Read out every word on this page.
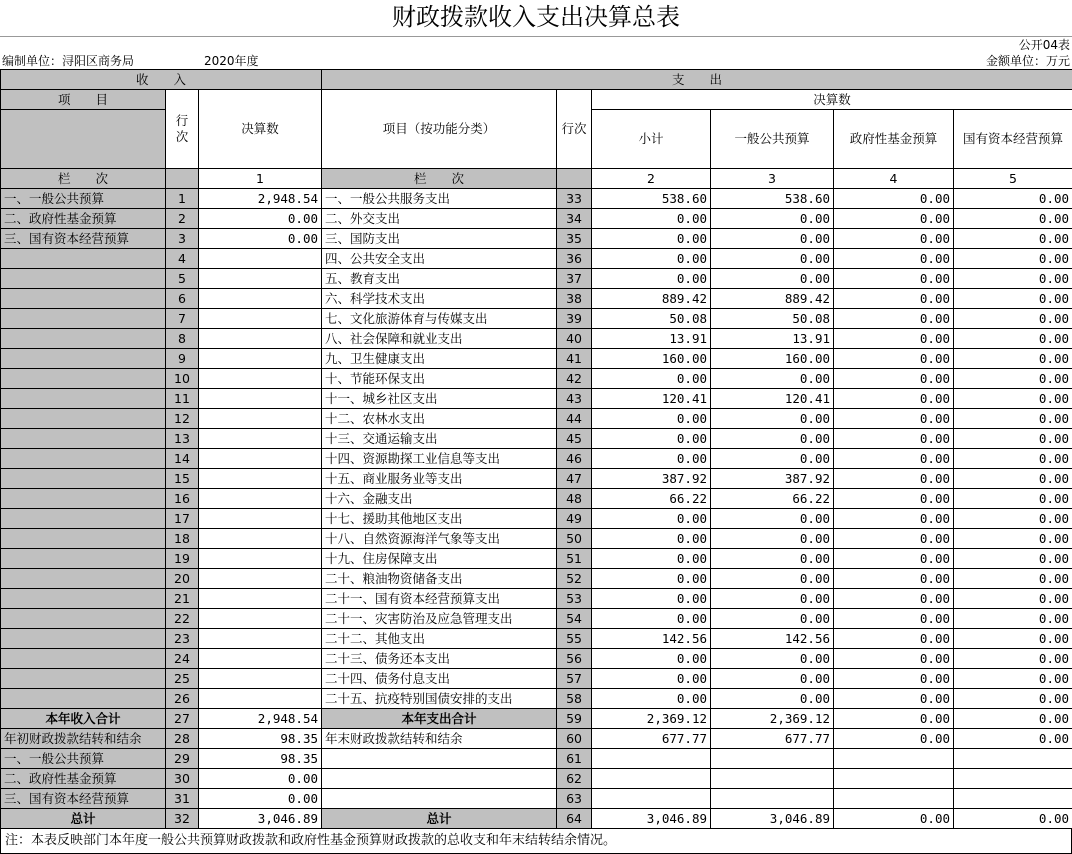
财政拨款收入支出决算总表
公开04表
编制单位：浔阳区商务局	2020年度	金额单位：万元
收　　入			支　　出					
项　　目	行次	决算数	项目（按功能分类）	行次	决算数			
					小计	一般公共预算	政府性基金预算	国有资本经营预算
栏　　次		1	栏　　次		2	3	4	5
一、一般公共预算	1	2,948.54	一、一般公共服务支出	33	538.60	538.60	0.00	0.00
二、政府性基金预算	2	0.00	二、外交支出	34	0.00	0.00	0.00	0.00
三、国有资本经营预算	3	0.00	三、国防支出	35	0.00	0.00	0.00	0.00
	4		四、公共安全支出	36	0.00	0.00	0.00	0.00
	5		五、教育支出	37	0.00	0.00	0.00	0.00
	6		六、科学技术支出	38	889.42	889.42	0.00	0.00
	7		七、文化旅游体育与传媒支出	39	50.08	50.08	0.00	0.00
	8		八、社会保障和就业支出	40	13.91	13.91	0.00	0.00
	9		九、卫生健康支出	41	160.00	160.00	0.00	0.00
	10		十、节能环保支出	42	0.00	0.00	0.00	0.00
	11		十一、城乡社区支出	43	120.41	120.41	0.00	0.00
	12		十二、农林水支出	44	0.00	0.00	0.00	0.00
	13		十三、交通运输支出	45	0.00	0.00	0.00	0.00
	14		十四、资源勘探工业信息等支出	46	0.00	0.00	0.00	0.00
	15		十五、商业服务业等支出	47	387.92	387.92	0.00	0.00
	16		十六、金融支出	48	66.22	66.22	0.00	0.00
	17		十七、援助其他地区支出	49	0.00	0.00	0.00	0.00
	18		十八、自然资源海洋气象等支出	50	0.00	0.00	0.00	0.00
	19		十九、住房保障支出	51	0.00	0.00	0.00	0.00
	20		二十、粮油物资储备支出	52	0.00	0.00	0.00	0.00
	21		二十一、国有资本经营预算支出	53	0.00	0.00	0.00	0.00
	22		二十一、灾害防治及应急管理支出	54	0.00	0.00	0.00	0.00
	23		二十二、其他支出	55	142.56	142.56	0.00	0.00
	24		二十三、债务还本支出	56	0.00	0.00	0.00	0.00
	25		二十四、债务付息支出	57	0.00	0.00	0.00	0.00
	26		二十五、抗疫特别国债安排的支出	58	0.00	0.00	0.00	0.00
本年收入合计	27	2,948.54	本年支出合计	59	2,369.12	2,369.12	0.00	0.00
年初财政拨款结转和结余	28	98.35	年末财政拨款结转和结余	60	677.77	677.77	0.00	0.00
一、一般公共预算	29	98.35		61				
二、政府性基金预算	30	0.00		62				
三、国有资本经营预算	31	0.00		63				
总计	32	3,046.89	总计	64	3,046.89	3,046.89	0.00	0.00
注：本表反映部门本年度一般公共预算财政拨款和政府性基金预算财政拨款的总收支和年末结转结余情况。
